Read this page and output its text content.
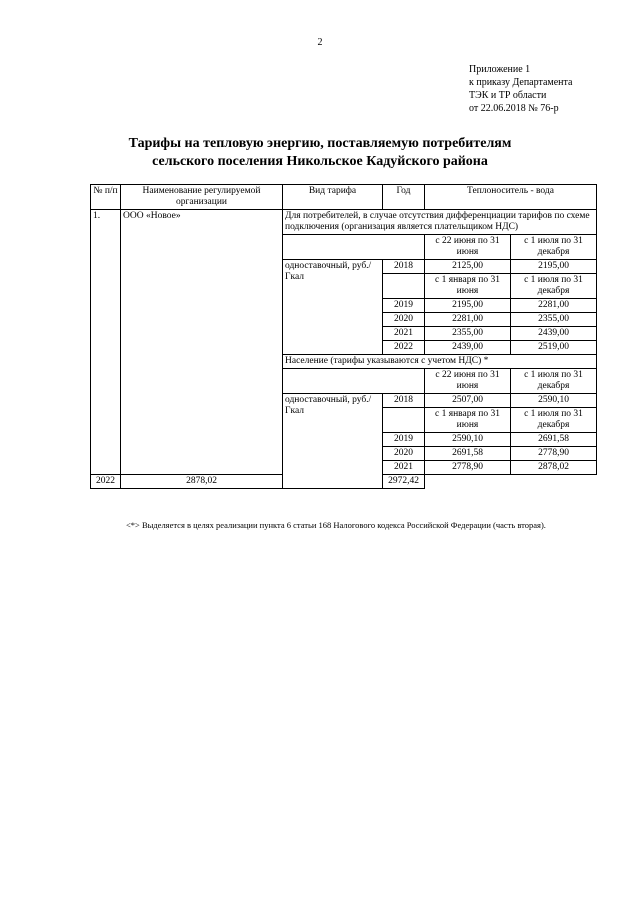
2
Приложение 1
к приказу Департамента
ТЭК и ТР области
от 22.06.2018 № 76-р
Тарифы на тепловую энергию, поставляемую потребителям
сельского поселения Никольское Кадуйского района
№ п/п	Наименование регулируемой организации	Вид тарифа	Год	Теплоноситель - вода	
1.	ООО «Новое»	Для потребителей, в случае отсутствия дифференциации тарифов по схеме подключения (организация является плательщиком НДС)			
				с 22 июня по 31 июня	с 1 июля по 31 декабря
		одноставочный, руб./Гкал	2018	2125,00	2195,00
				с 1 января по 31 июня	с 1 июля по 31 декабря
			2019	2195,00	2281,00
			2020	2281,00	2355,00
			2021	2355,00	2439,00
			2022	2439,00	2519,00
		Население (тарифы указываются с учетом НДС) *			
				с 22 июня по 31 июня	с 1 июля по 31 декабря
		одноставочный, руб./Гкал	2018	2507,00	2590,10
				с 1 января по 31 июня	с 1 июля по 31 декабря
			2019	2590,10	2691,58
			2020	2691,58	2778,90
			2021	2778,90	2878,02
2022	2878,02		2972,42		
<*> Выделяется в целях реализации пункта 6 статьи 168 Налогового кодекса Российской Федерации (часть вторая).
